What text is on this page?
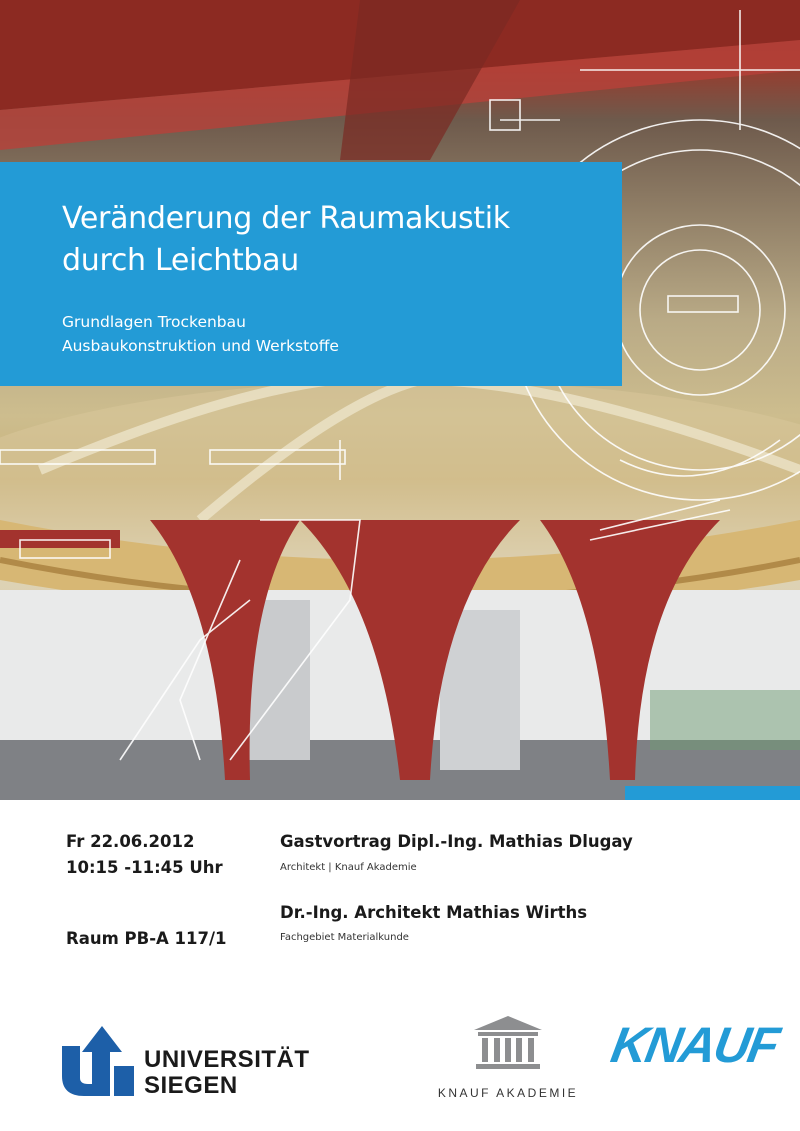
Veränderung der Raumakustik
durch Leichtbau

Grundlagen Trockenbau
Ausbaukonstruktion und Werkstoffe

Fr 22.06.2012
10:15 -11:45 Uhr
Raum PB-A 117/1
Gastvortrag Dipl.-Ing. Mathias Dlugay
Architekt | Knauf Akademie
Dr.-Ing. Architekt Mathias Wirths
Fachgebiet Materialkunde
UNIVERSITÄT
SIEGEN	KNAUF AKADEMIE
KNAUF
